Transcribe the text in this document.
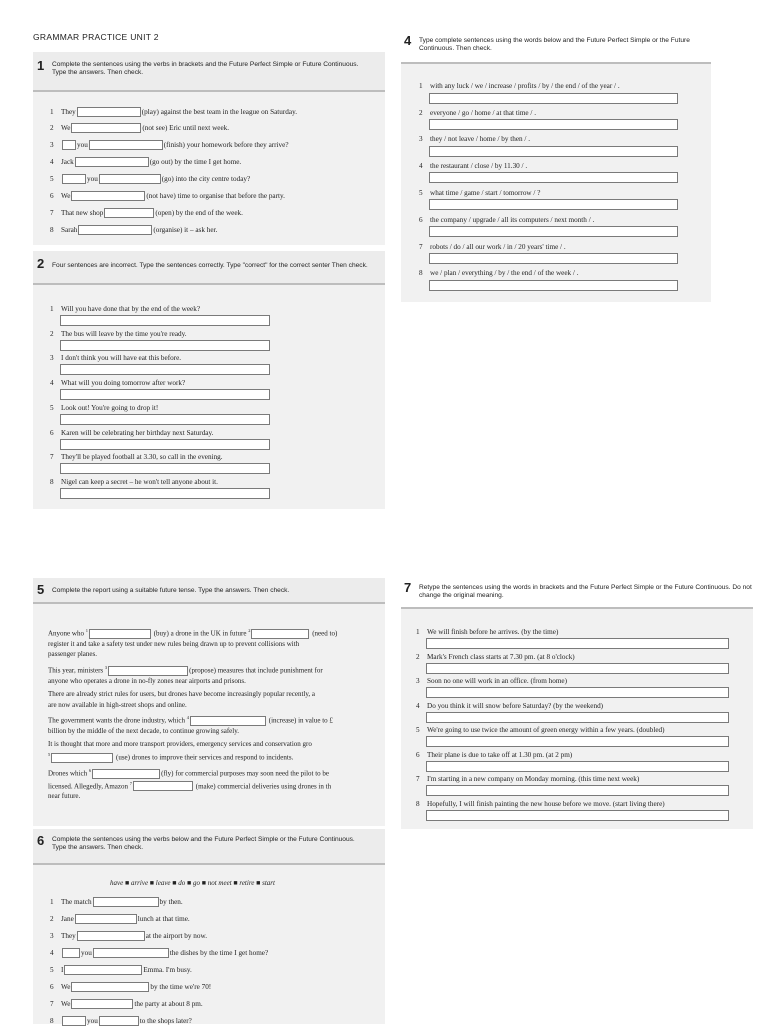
GRAMMAR PRACTICE UNIT 2
1 Complete the sentences using the verbs in brackets and the Future Perfect Simple or Future Continuous. Type the answers. Then check.
1 They	(play) against the best team in the league on Saturday.
2 We	(not see) Eric until next week.
3	you	(finish) your homework before they arrive?
4 Jack	(go out) by the time I get home.
5	you	(go) into the city centre today?
6 We	(not have) time to organise that before the party.
7 That new shop	(open) by the end of the week.
8 Sarah	(organise) it – ask her.
2 Four sentences are incorrect. Type the sentences correctly. Type "correct" for the correct senter Then check.
1 Will you have done that by the end of the week?
2 The bus will leave by the time you're ready.
3 I don't think you will have eat this before.
4 What will you doing tomorrow after work?
5 Look out! You're going to drop it!
6 Karen will be celebrating her birthday next Saturday.
7 They'll be played football at 3.30, so call in the evening.
8 Nigel can keep a secret – he won't tell anyone about it.
4 Type complete sentences using the words below and the Future Perfect Simple or the Future Continuous. Then check.
1 with any luck / we / increase / profits / by / the end / of the year / .
2 everyone / go / home / at that time / .
3 they / not leave / home / by then / .
4 the restaurant / close / by 11.30 / .
5 what time / game / start / tomorrow / ?
6 the company / upgrade / all its computers / next month / .
7 robots / do / all our work / in / 20 years' time / .
8 we / plan / everything / by / the end / of the week / .
5 Complete the report using a suitable future tense. Type the answers. Then check.
Anyone who $^1$	(buy) a drone in the UK in future $^2$	(need to)
register it and take a safety test under new rules being drawn up to prevent collisions with
passenger planes.
This year, ministers $^3$	(propose) measures that include punishment for
anyone who operates a drone in no-fly zones near airports and prisons.
There are already strict rules for users, but drones have become increasingly popular recently, a
are now available in high-street shops and online.
The government wants the drone industry, which $^4$	(increase) in value to £
billion by the middle of the next decade, to continue growing safely.
It is thought that more and more transport providers, emergency services and conservation gro
$^5$	(use) drones to improve their services and respond to incidents.
Drones which $^6$	(fly) for commercial purposes may soon need the pilot to be
licensed. Allegedly, Amazon $^7$	(make) commercial deliveries using drones in th
near future.
6 Complete the sentences using the verbs below and the Future Perfect Simple or the Future Continuous. Type the answers. Then check.
have ■ arrive ■ leave ■ do ■ go ■ not meet ■ retire ■ start
1 The match	by then.
2 Jane	lunch at that time.
3 They	at the airport by now.
4	you	the dishes by the time I get home?
5 I	Emma. I'm busy.
6 We	by the time we're 70!
7 We	the party at about 8 pm.
8	you	to the shops later?
7 Retype the sentences using the words in brackets and the Future Perfect Simple or the Future Continuous. Do not change the original meaning.
1 We will finish before he arrives. (by the time)
2 Mark's French class starts at 7.30 pm. (at 8 o'clock)
3 Soon no one will work in an office. (from home)
4 Do you think it will snow before Saturday? (by the weekend)
5 We're going to use twice the amount of green energy within a few years. (doubled)
6 Their plane is due to take off at 1.30 pm. (at 2 pm)
7 I'm starting in a new company on Monday morning. (this time next week)
8 Hopefully, I will finish painting the new house before we move. (start living there)
